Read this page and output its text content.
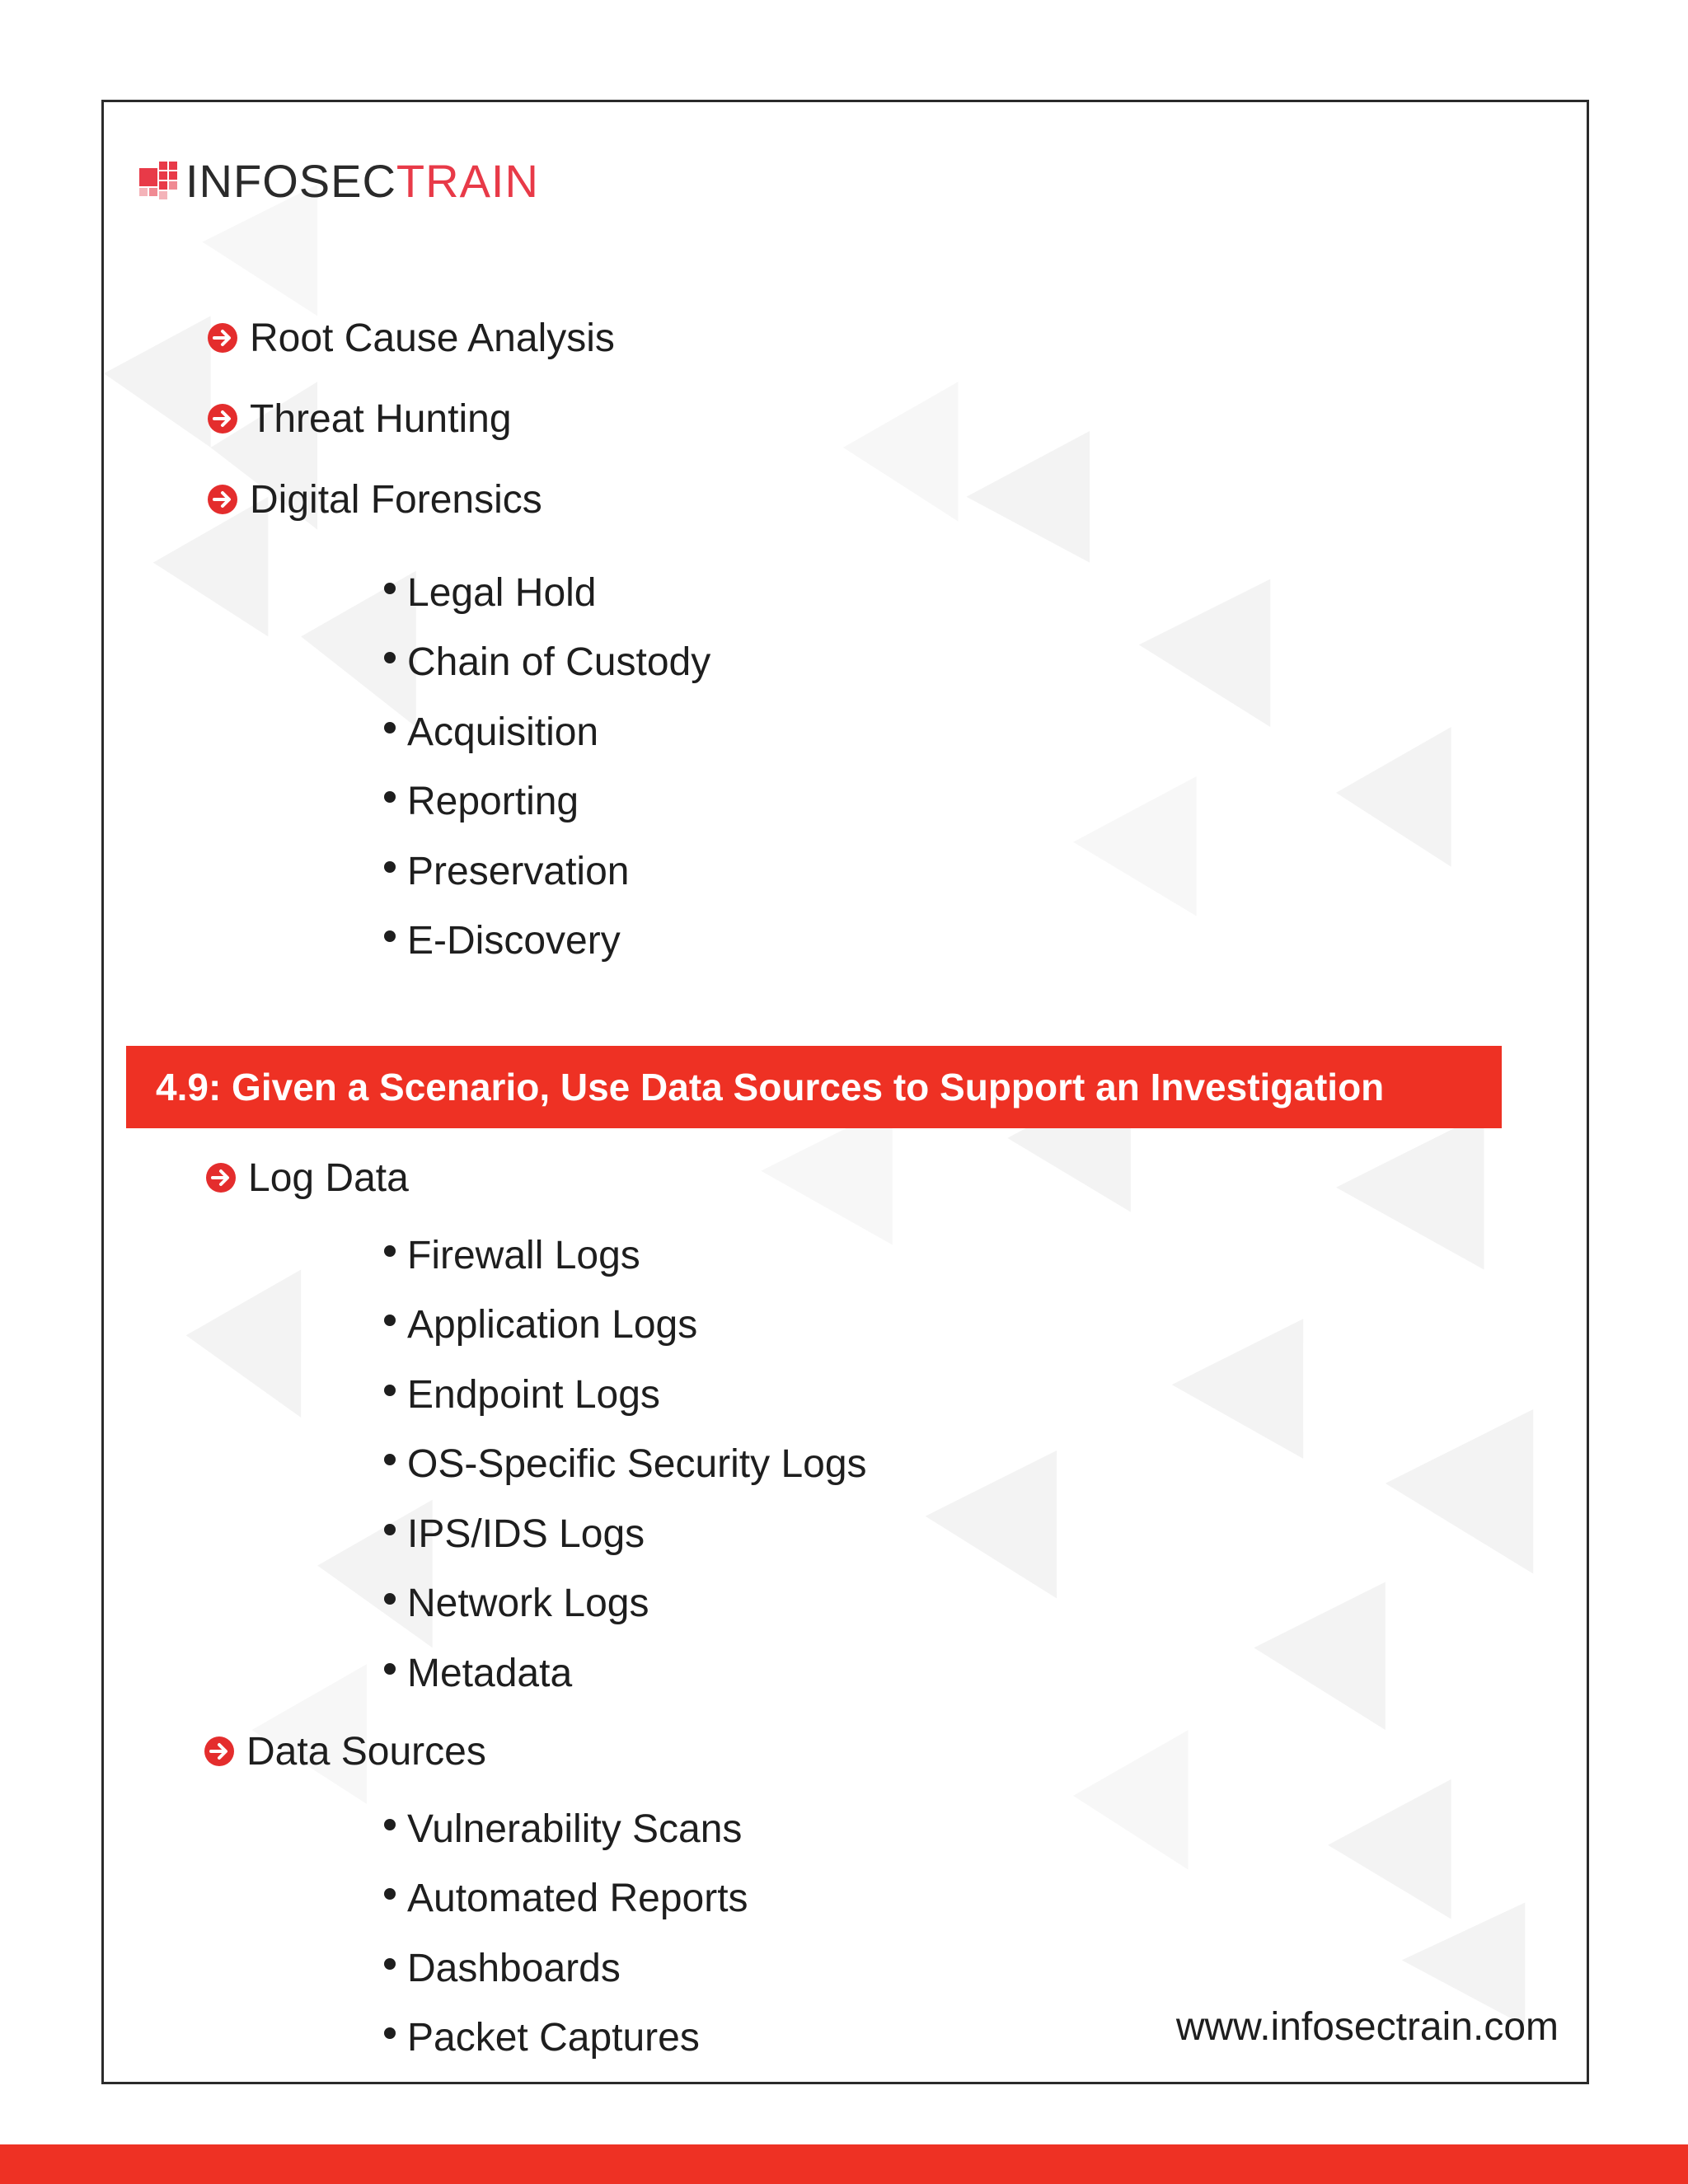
INFOSECTRAIN
Root Cause Analysis
Threat Hunting
Digital Forensics
Legal Hold
Chain of Custody
Acquisition
Reporting
Preservation
E-Discovery
4.9: Given a Scenario, Use Data Sources to Support an Investigation
Log Data
Firewall Logs
Application Logs
Endpoint Logs
OS-Specific Security Logs
IPS/IDS Logs
Network Logs
Metadata
Data Sources
Vulnerability Scans
Automated Reports
Dashboards
Packet Captures	www.infosectrain.com
